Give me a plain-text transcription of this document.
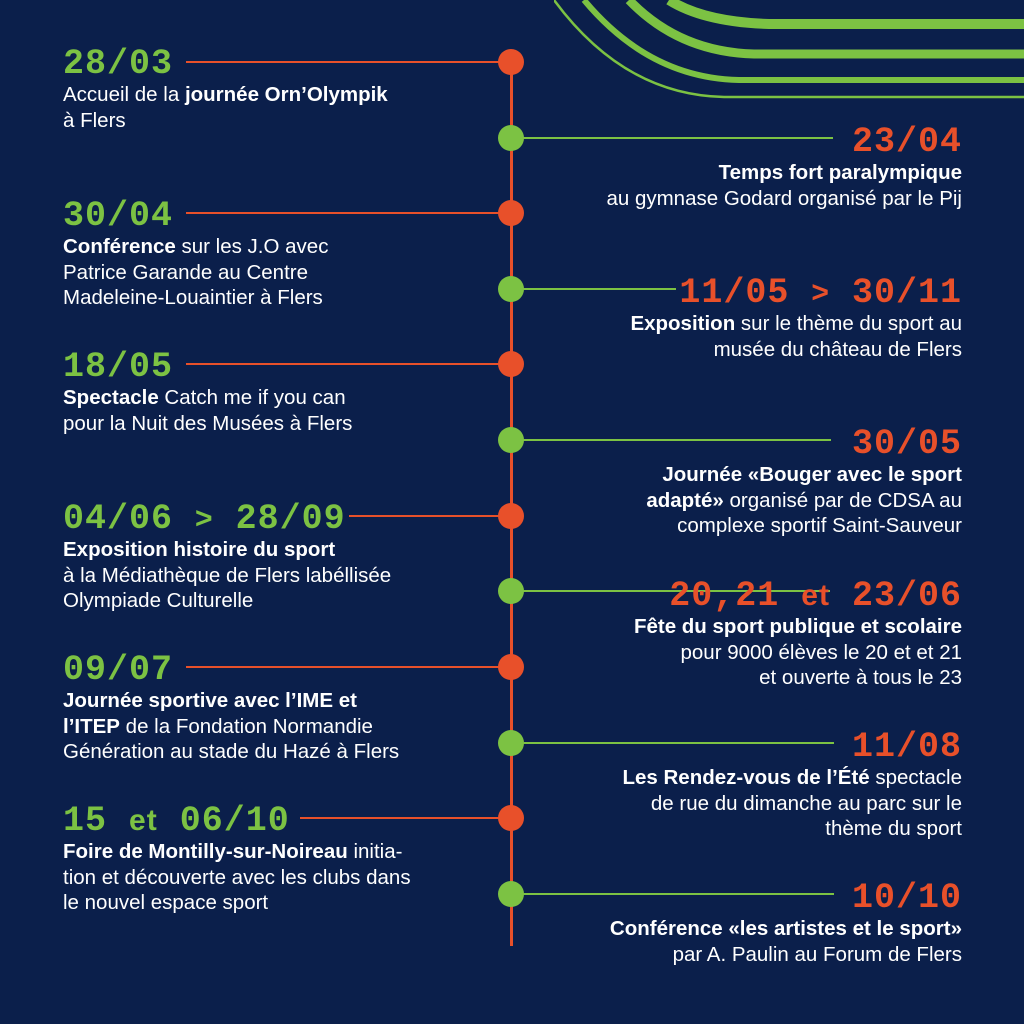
28/03
Accueil de la journée Orn’Olympik
à Flers
23/04
Temps fort paralympique
au gymnase Godard organisé par le Pij
30/04
Conférence sur les J.O avec
Patrice Garande au Centre
Madeleine-Louaintier à Flers	11/05 > 30/11
Exposition sur le thème du sport au
musée du château de Flers
18/05
Spectacle Catch me if you can
pour la Nuit des Musées à Flers
30/05
Journée «Bouger avec le sport
adapté» organisé par de CDSA au
complexe sportif Saint-Sauveur
04/06 > 28/09
Exposition histoire du sport
à la Médiathèque de Flers labéllisée
Olympiade Culturelle	20,21 et 23/06
Fête du sport publique et scolaire
pour 9000 élèves le 20 et et 21
et ouverte à tous le 23
09/07
Journée sportive avec l’IME et
l’ITEP de la Fondation Normandie
Génération au stade du Hazé à Flers	11/08
Les Rendez-vous de l’Été spectacle
de rue du dimanche au parc sur le
thème du sport
15 et 06/10
Foire de Montilly-sur-Noireau initia-
tion et découverte avec les clubs dans
le nouvel espace sport	10/10
Conférence «les artistes et le sport»
par A. Paulin au Forum de Flers
